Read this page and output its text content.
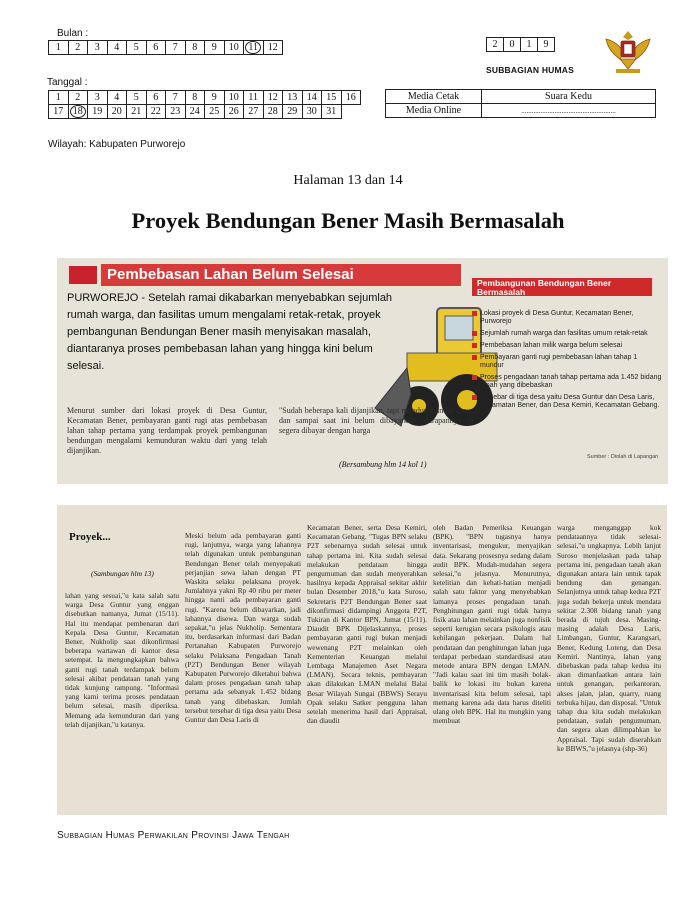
Bulan :
1	2	3	4	5	6	7	8	9	10	11	12
Tanggal :
1	2	3	4	5	6	7	8	9	10	11	12	13	14	15	16
17	18	19	20	21	22	23	24	25	26	27	28	29	30	31	
2	0	1	9
SUBBAGIAN HUMAS
Media Cetak	Suara Kedu
Media Online	......................................................
Wilayah: Kabupaten Purworejo
Halaman 13 dan 14
Proyek Bendungan Bener Masih Bermasalah
Pembebasan Lahan Belum Selesai
PURWOREJO - Setelah ramai dikabarkan menyebabkan sejumlah rumah warga, dan fasilitas umum mengalami retak-retak, proyek pembangunan Bendungan Bener masih menyisakan masalah, diantaranya proses pembebasan lahan yang hingga kini belum selesai.
Pembangunan Bendungan Bener Bermasalah
Lokasi proyek di Desa Guntur, Kecamatan Bener, Purworejo
Sejumlah rumah warga dan fasilitas umum retak-retak
Pembebasan lahan milik warga belum selesai
Pembayaran ganti rugi pembebasan lahan tahap 1 mundur
Proses pengadaan tanah tahap pertama ada 1.452 bidang tanah yang dibebaskan
Tersebar di tiga desa yaitu Desa Guntur dan Desa Laris, Kecamatan Bener, dan Desa Kemiri, Kecamatan Gebang.
Menurut sumber dari lokasi proyek di Desa Guntur, Kecamatan Bener, pembayaran ganti rugi atas pembebasan lahan tahap pertama yang terdampak proyek pembangunan bendungan mengalami kemunduran waktu dari yang telah dijanjikan.
"Sudah beberapa kali dijanjikan, tapi mundur-mundur terus, dan sampai saat ini belum dibayarkan. Harapannya ya segera dibayar dengan harga
(Bersambung hlm 14 kol 1)
Sumber : Diolah di Lapangan
Proyek...
(Sambungan hlm 13)
lahan yang sesuai,"u kata salah satu warga Desa Guntur yang enggan disebutkan namanya, Jumat (15/11). Hal itu mendapat pembenaran dari Kepala Desa Guntur, Kecamatan Bener, Nukholip saat dikonfirmasi beberapa wartawan di kantor desa setempat. Ia mengungkapkan bahwa ganti rugi tanah terdampak belum selesai akibat pendataan tanah yang tidak kunjung rampung. "Informasi yang kami terima proses pendataan belum selesai, masih diperiksa. Memang ada kemunduran dari yang telah dijanjikan,"u katanya.
Meski belum ada pembayaran ganti rugi, lanjutnya, warga yang lahannya telah digunakan untuk pembangunan Bendungan Bener telah menyepakati perjanjian sewa lahan dengan PT Waskita selaku pelaksana proyek. Jumlahnya yakni Rp 40 ribu per meter hingga nanti ada pembayaran ganti rugi. "Karena belum dibayarkan, jadi lahannya disewa. Dan warga sudah sepakat,"u jelas Nukholip. Sementara itu, berdasarkan informasi dari Badan Pertanahan Kabupaten Purworejo selaku Pelaksana Pengadaan Tanah (P2T) Bendungan Bener wilayah Kabupaten Purworejo diketahui bahwa dalam proses pengadaan tanah tahap pertama ada sebanyak 1.452 bidang tanah yang dibebaskan. Jumlah tersebut tersebar di tiga desa yaitu Desa Guntur dan Desa Laris di
Kecamatan Bener, serta Desa Kemiri, Kecamatan Gebang. "Tugas BPN selaku P2T sebenarnya sudah selesai untuk tahap pertama ini. Kita sudah selesai melakukan pendataan hingga pengumuman dan sudah menyerahkan hasilnya kepada Appraisal sekitar akhir bulan Desember 2018,"u kata Suroso, Sekretaris P2T Bendungan Bener saat dikonfirmasi didampingi Anggota P2T, Tukiran di Kantor BPN, Jumat (15/11). Diaudit BPK Dijelaskannya, proses pembayaran ganti rugi bukan menjadi wewenang P2T melainkan oleh Kementerian Keuangan melalui Lembaga Manajemen Aset Negara (LMAN). Secara teknis, pembayaran akan dilakukan LMAN melalui Balai Besar Wilayah Sungai (BBWS) Serayu Opak selaku Satker pengguna lahan setelah menerima hasil dari Appraisal, dan diaudit
oleh Badan Pemeriksa Keuangan (BPK). "BPN tugasnya hanya inventarisasi, mengukur, menyajikan data. Sekarang prosesnya sedang dalam audit BPK. Mudah-mudahan segera selesai,"u jelasnya. Menurutnya, ketelitian dan kehati-hatian menjadi salah satu faktor yang menyebabkan lamanya proses pengadaan tanah. Penghitungan ganti rugi tidak hanya fisik atau lahan melainkan juga nonfisik seperti kerugian secara psikologis atau kehilangan pekerjaan. Dalam hal pendataan dan penghitungan lahan juga terdapat perbedaan standardisasi atau metode antara BPN dengan LMAN. "Jadi kalau saat ini tim masih bolak-balik ke lokasi itu bukan karena inventarisasi kita belum selesai, tapi memang karena ada data harus diteliti ulang oleh BPK. Hal itu mungkin yang membuat
warga menganggap kok pendataannya tidak selesai-selesai,"u ungkapnya. Lebih lanjut Suroso menjelaskan pada tahap pertama ini, pengadaan tanah akan digunakan antara lain untuk tapak bendung dan genangan. Selanjutnya untuk tahap kedua P2T juga sudah bekerja untuk mendata sekitar 2.308 bidang tanah yang berada di tujuh desa. Masing-masing adalah Desa Laris, Limbangan, Guntur, Karangsari, Bener, Kedung Loteng, dan Desa Kemiri. Nantinya, lahan yang dibebaskan pada tahap kedua itu akan dimanfaatkan antara lain untuk genangan, perkantoran, akses jalan, jalan, quarry, ruang terbuka hijau, dan disposal. "Untuk tahap dua kita sudah melakukan pendataan, sudah pengumuman, dan segera akan dilimpahkan ke Appraisal. Tapi sudah diserahkan ke BBWS,"u jelasnya (shp-36)
Subbagian Humas Perwakilan Provinsi Jawa Tengah
